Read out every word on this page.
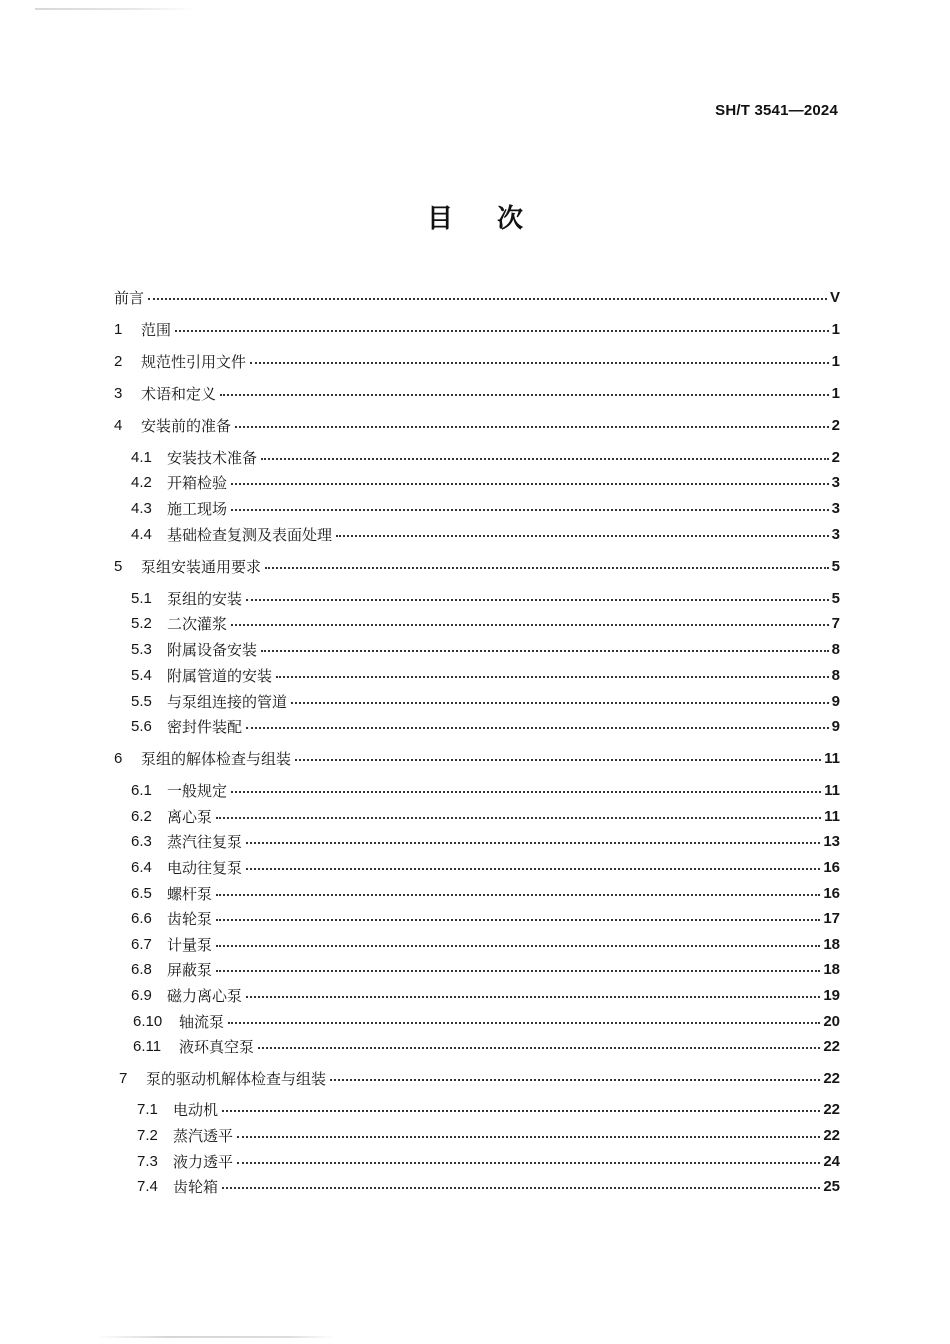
SH/T 3541—2024
目次
前言	V
1	范围	1
2	规范性引用文件	1
3	术语和定义	1
4	安装前的准备	2
4.1	安装技术准备	2
4.2	开箱检验	3
4.3	施工现场	3
4.4	基础检查复测及表面处理	3
5	泵组安装通用要求	5
5.1	泵组的安装	5
5.2	二次灌浆	7
5.3	附属设备安装	8
5.4	附属管道的安装	8
5.5	与泵组连接的管道	9
5.6	密封件装配	9
6	泵组的解体检查与组装	11
6.1	一般规定	11
6.2	离心泵	11
6.3	蒸汽往复泵	13
6.4	电动往复泵	16
6.5	螺杆泵	16
6.6	齿轮泵	17
6.7	计量泵	18
6.8	屏蔽泵	18
6.9	磁力离心泵	19
6.10	轴流泵	20
6.11	液环真空泵	22
7	泵的驱动机解体检查与组装	22
7.1	电动机	22
7.2	蒸汽透平	22
7.3	液力透平	24
7.4	齿轮箱	25
